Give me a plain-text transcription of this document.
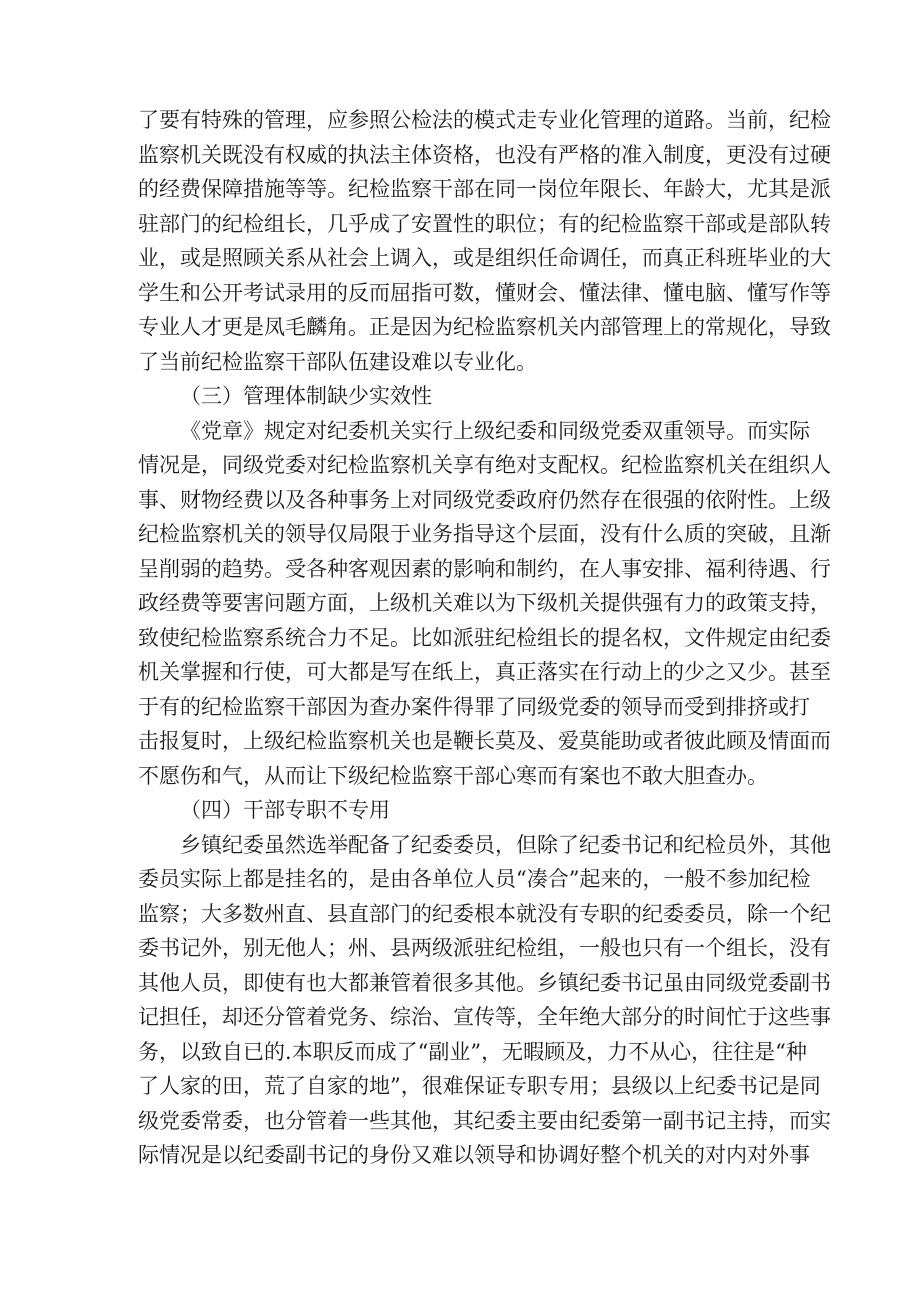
了要有特殊的管理，应参照公检法的模式走专业化管理的道路。当前，纪检
监察机关既没有权威的执法主体资格，也没有严格的准入制度，更没有过硬
的经费保障措施等等。纪检监察干部在同一岗位年限长、年龄大，尤其是派
驻部门的纪检组长，几乎成了安置性的职位；有的纪检监察干部或是部队转
业，或是照顾关系从社会上调入，或是组织任命调任，而真正科班毕业的大
学生和公开考试录用的反而屈指可数，懂财会、懂法律、懂电脑、懂写作等
专业人才更是凤毛麟角。正是因为纪检监察机关内部管理上的常规化，导致
了当前纪检监察干部队伍建设难以专业化。
（三）管理体制缺少实效性
《党章》规定对纪委机关实行上级纪委和同级党委双重领导。而实际
情况是，同级党委对纪检监察机关享有绝对支配权。纪检监察机关在组织人
事、财物经费以及各种事务上对同级党委政府仍然存在很强的依附性。上级
纪检监察机关的领导仅局限于业务指导这个层面，没有什么质的突破，且渐
呈削弱的趋势。受各种客观因素的影响和制约，在人事安排、福利待遇、行
政经费等要害问题方面，上级机关难以为下级机关提供强有力的政策支持，
致使纪检监察系统合力不足。比如派驻纪检组长的提名权，文件规定由纪委
机关掌握和行使，可大都是写在纸上，真正落实在行动上的少之又少。甚至
于有的纪检监察干部因为查办案件得罪了同级党委的领导而受到排挤或打
击报复时，上级纪检监察机关也是鞭长莫及、爱莫能助或者彼此顾及情面而
不愿伤和气，从而让下级纪检监察干部心寒而有案也不敢大胆查办。
（四）干部专职不专用
乡镇纪委虽然选举配备了纪委委员，但除了纪委书记和纪检员外，其他
委员实际上都是挂名的，是由各单位人员“凑合”起来的，一般不参加纪检
监察；大多数州直、县直部门的纪委根本就没有专职的纪委委员，除一个纪
委书记外，别无他人；州、县两级派驻纪检组，一般也只有一个组长，没有
其他人员，即使有也大都兼管着很多其他。乡镇纪委书记虽由同级党委副书
记担任，却还分管着党务、综治、宣传等，全年绝大部分的时间忙于这些事
务，以致自已的.本职反而成了“副业”，无暇顾及，力不从心，往往是“种
了人家的田，荒了自家的地”，很难保证专职专用；县级以上纪委书记是同
级党委常委，也分管着一些其他，其纪委主要由纪委第一副书记主持，而实
际情况是以纪委副书记的身份又难以领导和协调好整个机关的对内对外事
